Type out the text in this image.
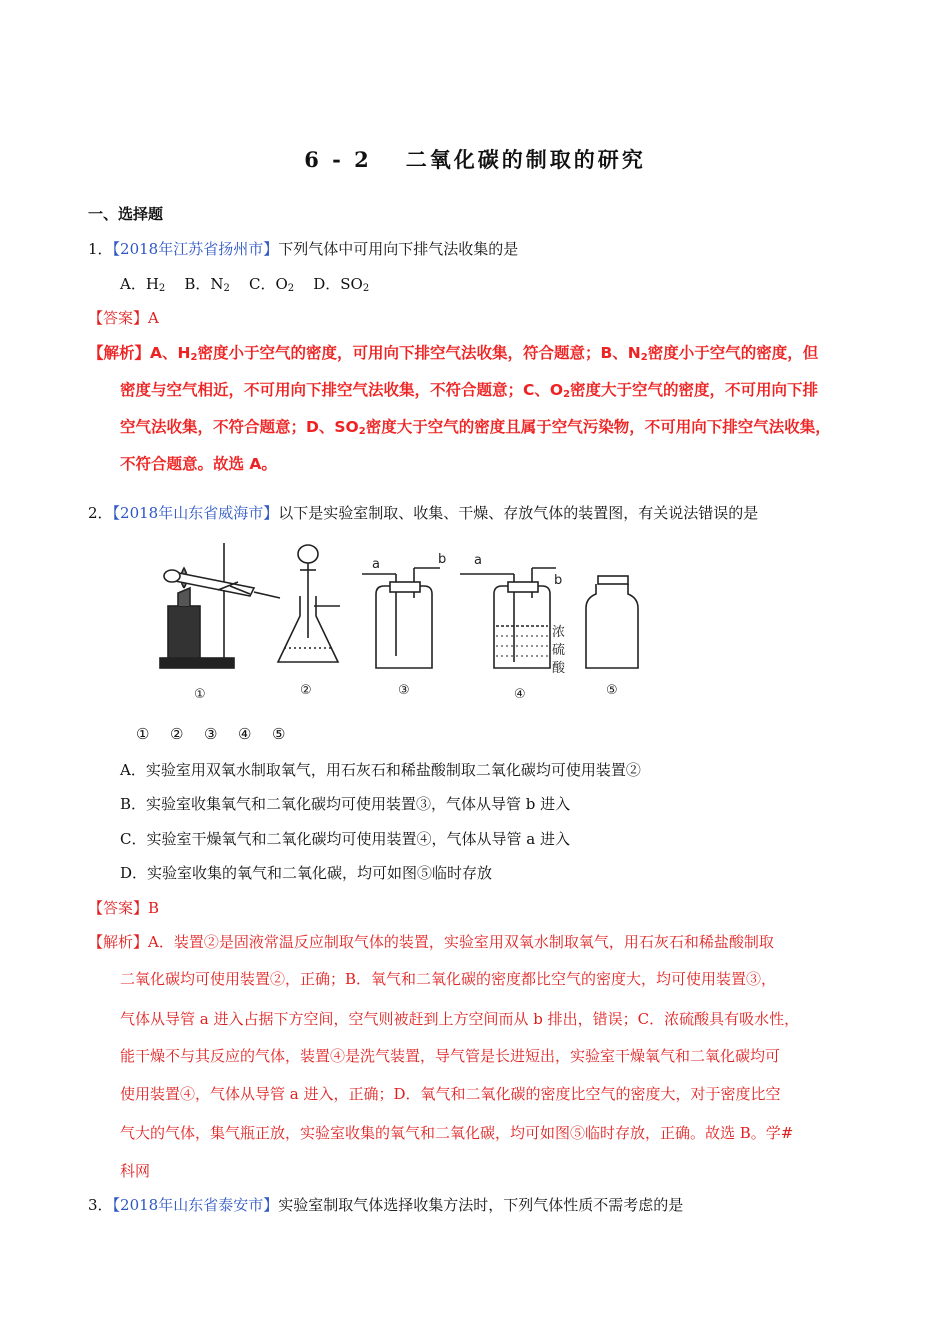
6 - 2 二氧化碳的制取的研究
一、选择题
1．【2018年江苏省扬州市】下列气体中可用向下排气法收集的是
A．$H_2$ B．$N_2$ C．$O_2$ D．$SO_2$
【答案】A
【解析】A、$H_2$密度小于空气的密度，可用向下排空气法收集，符合题意；B、$N_2$密度小于空气的密度，但
密度与空气相近，不可用向下排空气法收集，不符合题意；C、$O_2$密度大于空气的密度，不可用向下排
空气法收集，不符合题意；D、$SO_2$密度大于空气的密度且属于空气污染物，不可用向下排空气法收集，
不符合题意。故选 A。
2．【2018年山东省威海市】以下是实验室制取、收集、干燥、存放气体的装置图，有关说法错误的是
a	b a
b
浓
硫
酸
①	②	③	④	⑤
① ② ③ ④ ⑤
A．实验室用双氧水制取氧气，用石灰石和稀盐酸制取二氧化碳均可使用装置②
B．实验室收集氧气和二氧化碳均可使用装置③，气体从导管 b 进入
C．实验室干燥氧气和二氧化碳均可使用装置④，气体从导管 a 进入
D．实验室收集的氧气和二氧化碳，均可如图⑤临时存放
【答案】B
【解析】A．装置②是固液常温反应制取气体的装置，实验室用双氧水制取氧气，用石灰石和稀盐酸制取
二氧化碳均可使用装置②，正确；B．氧气和二氧化碳的密度都比空气的密度大，均可使用装置③，
气体从导管 a 进入占据下方空间，空气则被赶到上方空间而从 b 排出，错误；C．浓硫酸具有吸水性，
能干燥不与其反应的气体，装置④是洗气装置，导气管是长进短出，实验室干燥氧气和二氧化碳均可
使用装置④，气体从导管 a 进入，正确；D．氧气和二氧化碳的密度比空气的密度大，对于密度比空
气大的气体，集气瓶正放，实验室收集的氧气和二氧化碳，均可如图⑤临时存放，正确。故选 B。学#
科网
3．【2018年山东省泰安市】实验室制取气体选择收集方法时，下列气体性质不需考虑的是
